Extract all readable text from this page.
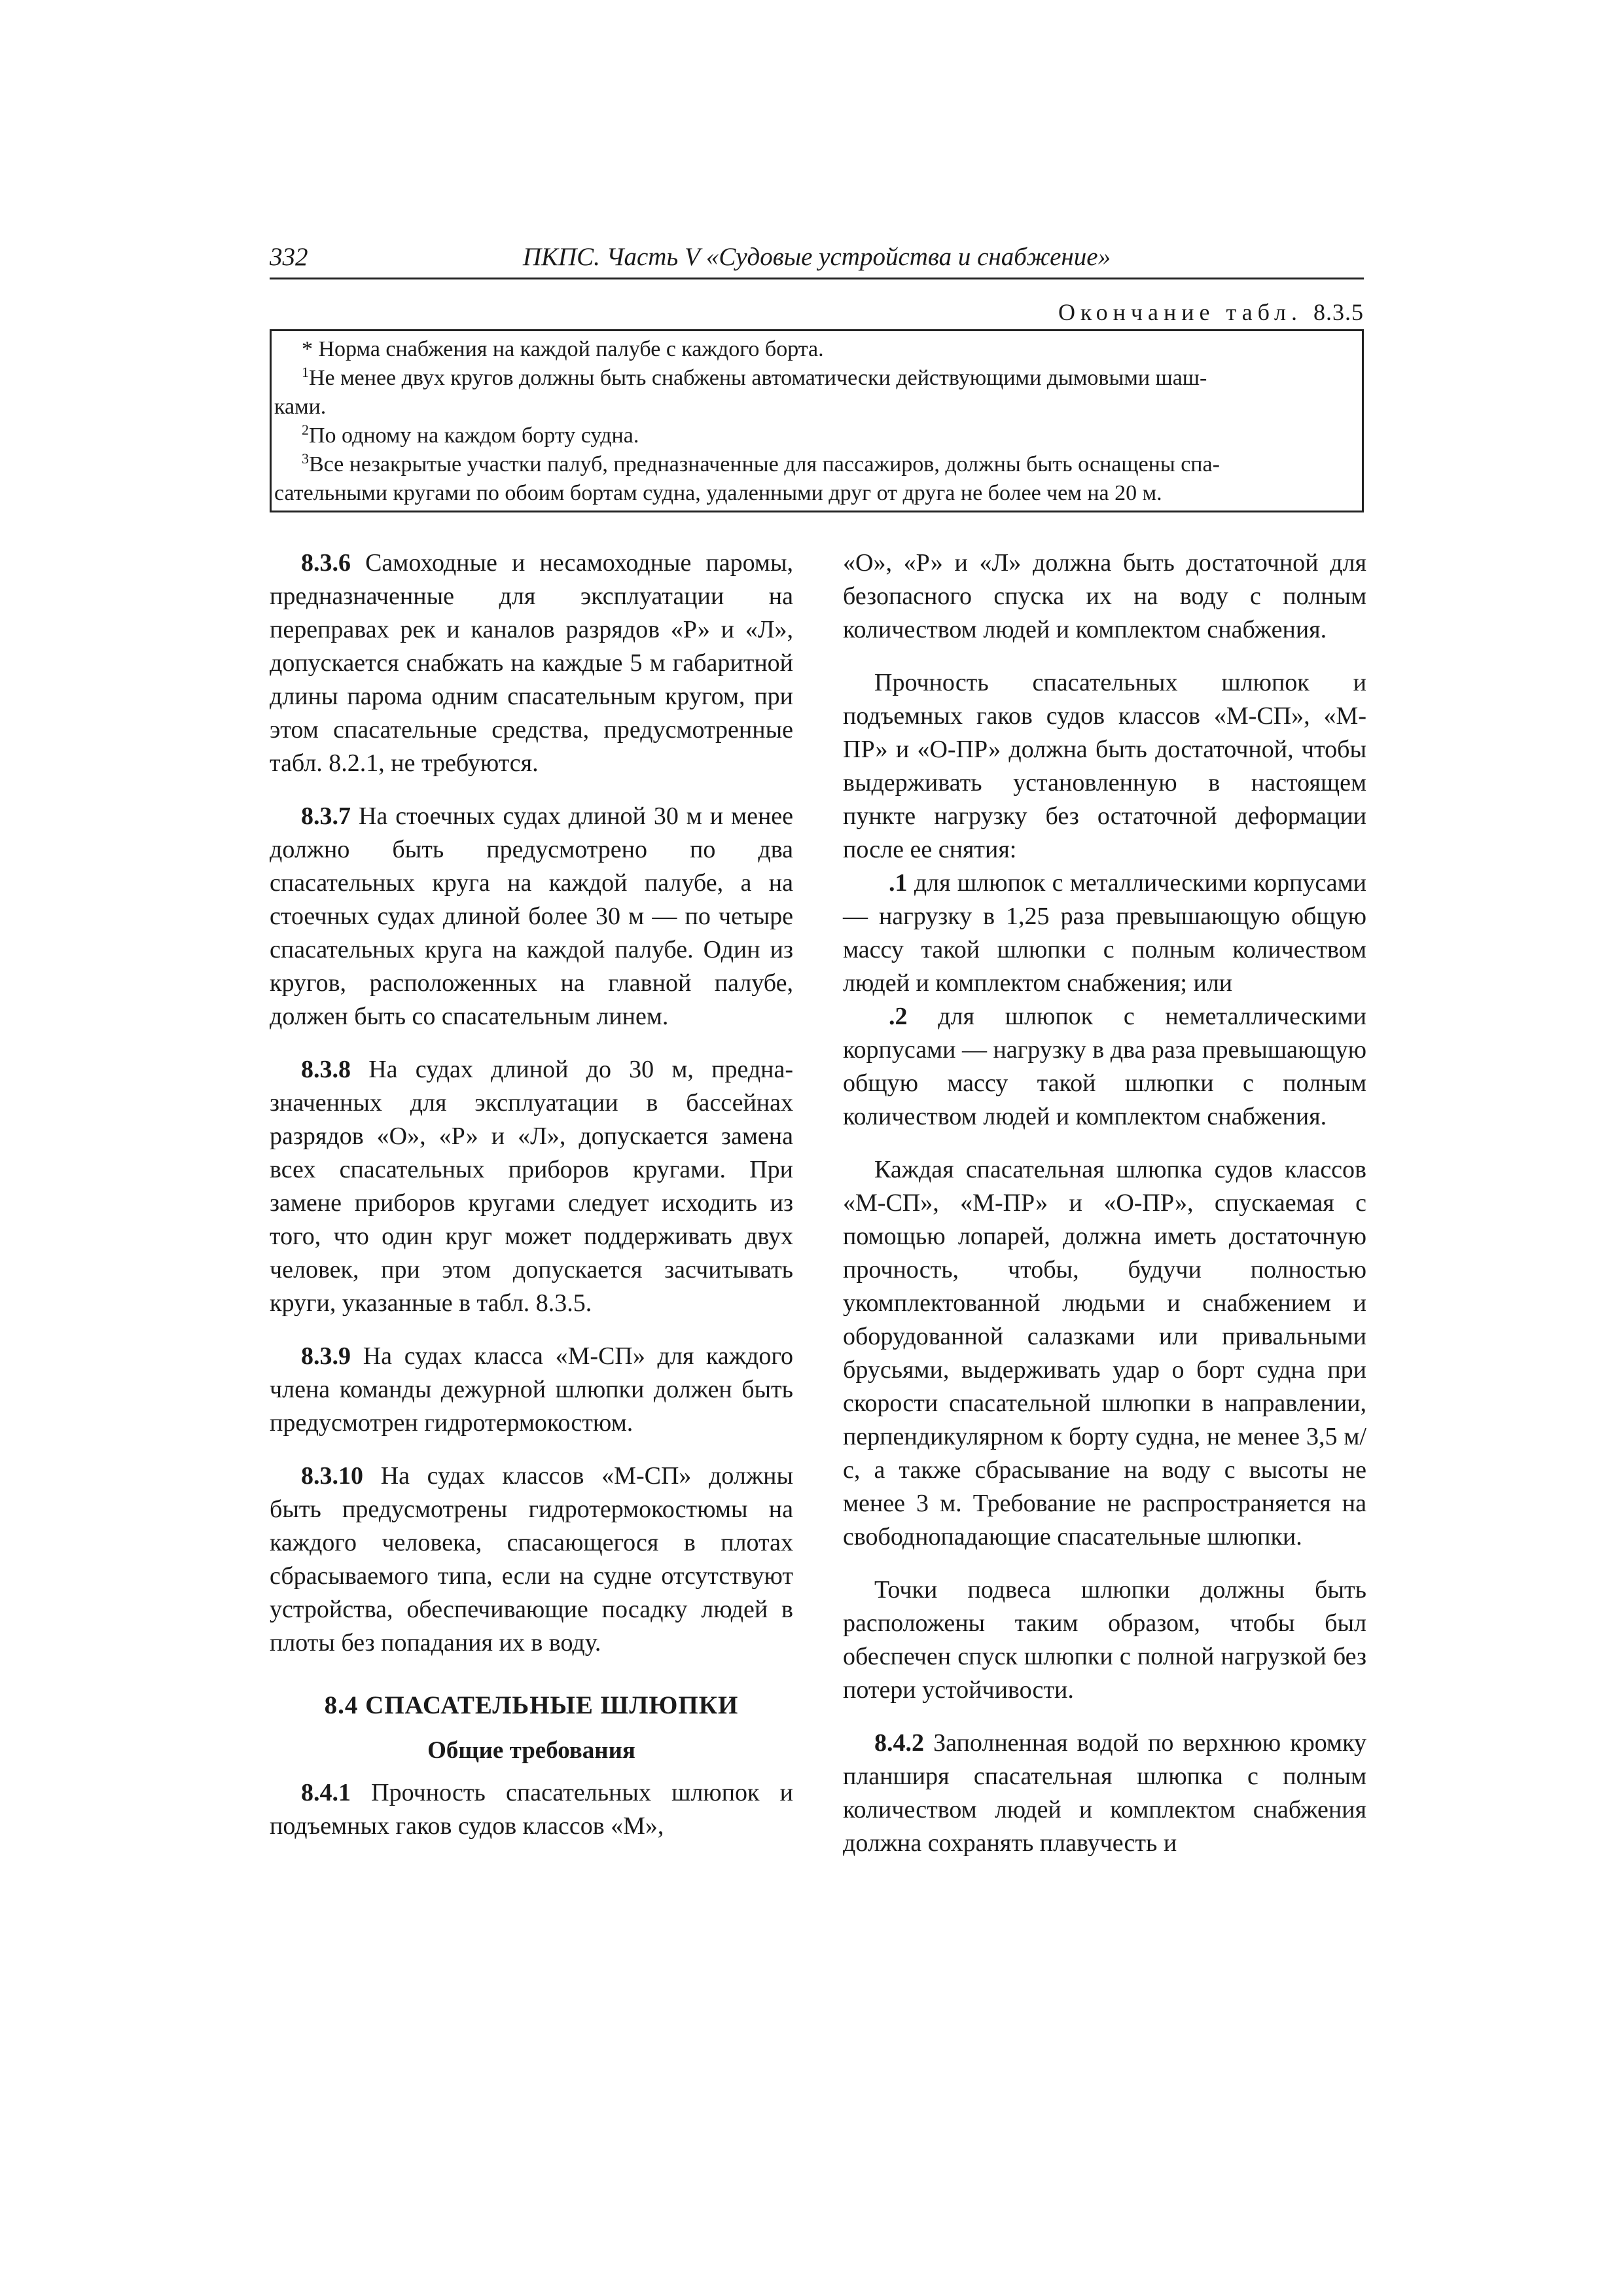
332	ПКПС. Часть V «Судовые устройства и снабжение»
Окончание табл. 8.3.5

* Норма снабжения на каждой палубе с каждого борта.

$^1$Не менее двух кругов должны быть снабжены автоматически действующими дымовыми шаш-

ками.

$^2$По одному на каждом борту судна.

$^3$Все незакрытые участки палуб, предназначенные для пассажиров, должны быть оснащены спа-

сательными кругами по обоим бортам судна, удаленными друг от друга не более чем на 20 м.

8.3.6 Самоходные и несамоходные паромы, предназначенные для эксплуатации на переправах рек и каналов разрядов «Р» и «Л», допускается снабжать на каждые 5 м габаритной длины парома одним спасательным кругом, при этом спасательные средства, предусмотренные табл. 8.2.1, не требуются.

8.3.7 На стоечных судах длиной 30 м и менее должно быть предусмотрено по два спасательных круга на каждой палубе, а на стоечных судах длиной более 30 м — по четыре спасательных круга на каждой палубе. Один из кругов, расположенных на главной палубе, должен быть со спасательным линем.

8.3.8 На судах длиной до 30 м, предназначенных для эксплуатации в бассейнах разрядов «О», «Р» и «Л», допускается замена всех спасательных приборов кругами. При замене приборов кругами следует исходить из того, что один круг может поддерживать двух человек, при этом допускается засчитывать круги, указанные в табл. 8.3.5.

8.3.9 На судах класса «М-СП» для каждого члена команды дежурной шлюпки должен быть предусмотрен гидротермокостюм.

8.3.10 На судах классов «М-СП» должны быть предусмотрены гидротермокостюмы на каждого человека, спасающегося в плотах сбрасываемого типа, если на судне отсутствуют устройства, обеспечивающие посадку людей в плоты без попадания их в воду.

8.4 СПАСАТЕЛЬНЫЕ ШЛЮПКИ
Общие требования

8.4.1 Прочность спасательных шлюпок и подъемных гаков судов классов «М»,

«О», «Р» и «Л» должна быть достаточной для безопасного спуска их на воду с полным количеством людей и комплектом снабжения.

Прочность спасательных шлюпок и подъемных гаков судов классов «М-СП», «М-ПР» и «О-ПР» должна быть достаточной, чтобы выдерживать установленную в настоящем пункте нагрузку без остаточной деформации после ее снятия:

.1 для шлюпок с металлическими корпусами — нагрузку в 1,25 раза превышающую общую массу такой шлюпки с полным количеством людей и комплектом снабжения; или

.2 для шлюпок с неметаллическими корпусами — нагрузку в два раза превышающую общую массу такой шлюпки с полным количеством людей и комплектом снабжения.

Каждая спасательная шлюпка судов классов «М-СП», «М-ПР» и «О-ПР», спускаемая с помощью лопарей, должна иметь достаточную прочность, чтобы, будучи полностью укомплектованной людьми и снабжением и оборудованной салазками или привальными брусьями, выдерживать удар о борт судна при скорости спасательной шлюпки в направлении, перпендикулярном к борту судна, не менее 3,5 м/с, а также сбрасывание на воду с высоты не менее 3 м. Требование не распространяется на свободнопадающие спасательные шлюпки.

Точки подвеса шлюпки должны быть расположены таким образом, чтобы был обеспечен спуск шлюпки с полной нагрузкой без потери устойчивости.

8.4.2 Заполненная водой по верхнюю кромку планширя спасательная шлюпка с полным количеством людей и комплектом снабжения должна сохранять плавучесть и
